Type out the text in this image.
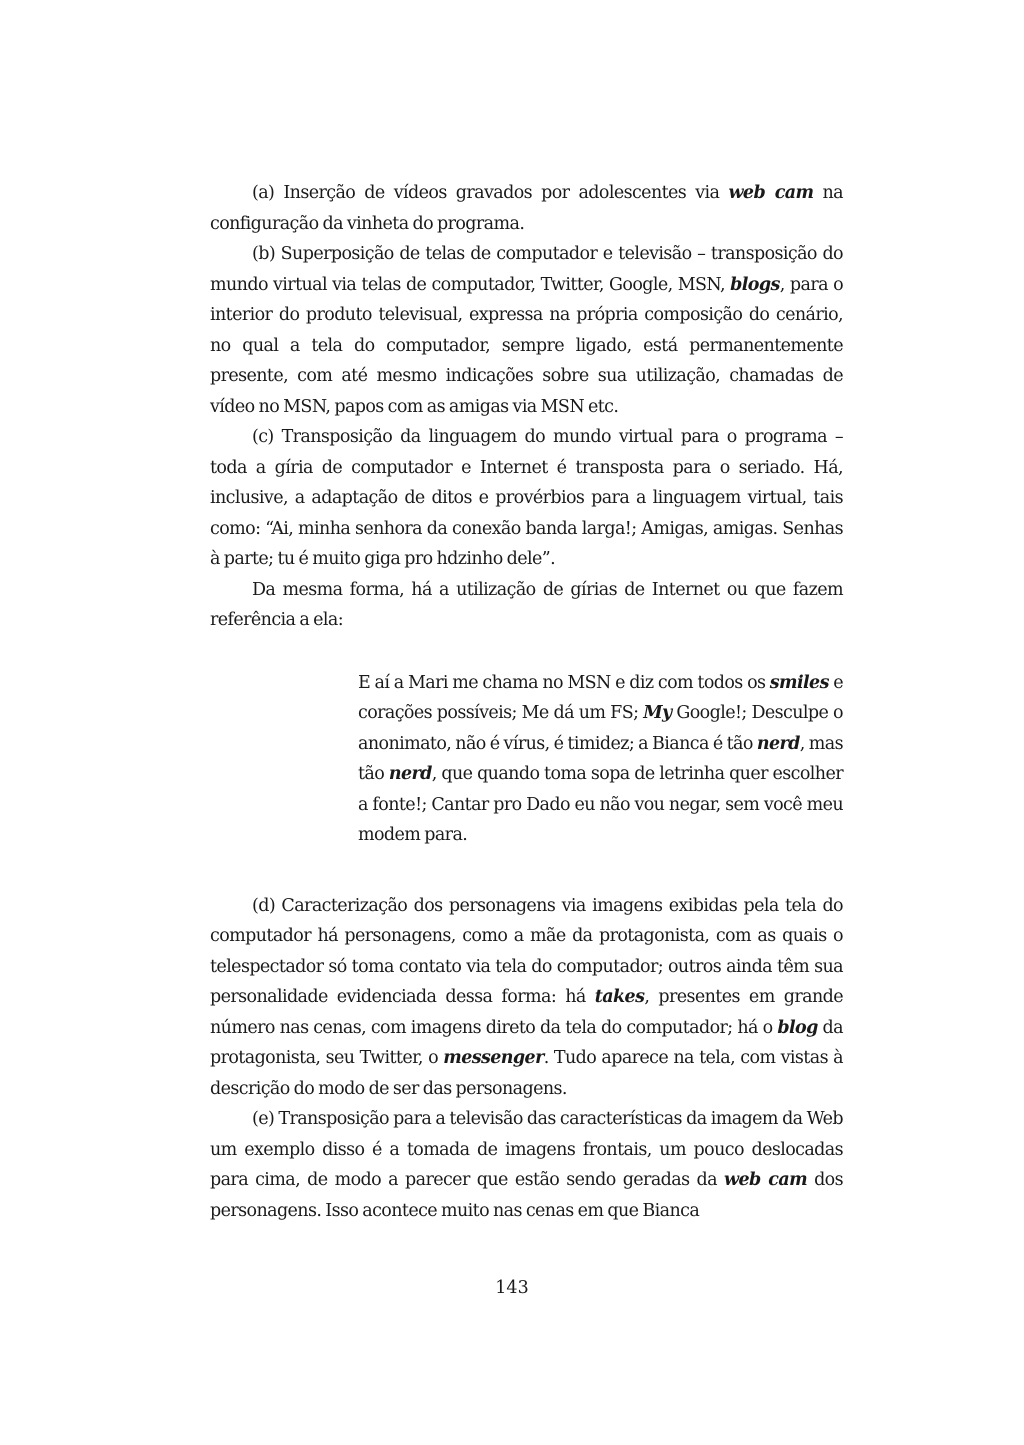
(a) Inserção de vídeos gravados por adolescentes via web cam na configuração da vinheta do programa.

(b) Superposição de telas de computador e televisão – transposição do mundo virtual via telas de computador, Twitter, Google, MSN, blogs, para o interior do produto televisual, expressa na própria composição do cenário, no qual a tela do computador, sempre ligado, está permanentemente presente, com até mesmo indicações sobre sua utilização, chamadas de vídeo no MSN, papos com as amigas via MSN etc.

(c) Transposição da linguagem do mundo virtual para o programa – toda a gíria de computador e Internet é transposta para o seriado. Há, inclusive, a adaptação de ditos e provérbios para a linguagem virtual, tais como: “Ai, minha senhora da conexão banda larga!; Amigas, amigas. Senhas à parte; tu é muito giga pro hdzinho dele”.

Da mesma forma, há a utilização de gírias de Internet ou que fazem referência a ela:

E aí a Mari me chama no MSN e diz com todos os smiles e corações possíveis; Me dá um FS; My Google!; Desculpe o anonimato, não é vírus, é timidez; a Bianca é tão nerd, mas tão nerd, que quando toma sopa de letrinha quer escolher a fonte!; Cantar pro Dado eu não vou negar, sem você meu modem para.

(d) Caracterização dos personagens via imagens exibidas pela tela do computador há personagens, como a mãe da protagonista, com as quais o telespectador só toma contato via tela do computador; outros ainda têm sua personalidade evidenciada dessa forma: há takes, presentes em grande número nas cenas, com imagens direto da tela do computador; há o blog da protagonista, seu Twitter, o messenger. Tudo aparece na tela, com vistas à descrição do modo de ser das personagens.

(e) Transposição para a televisão das características da imagem da Web um exemplo disso é a tomada de imagens frontais, um pouco deslocadas para cima, de modo a parecer que estão sendo geradas da web cam dos personagens. Isso acontece muito nas cenas em que Bianca

143
